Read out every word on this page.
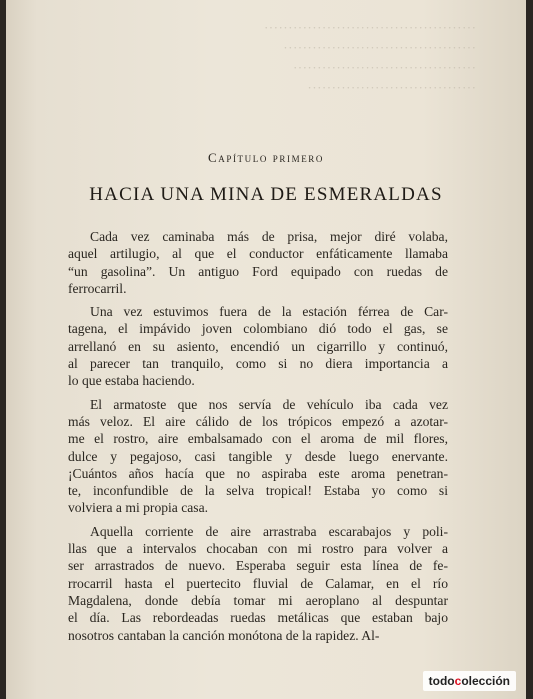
············································
········································
······································
···································
Capítulo primero
HACIA UNA MINA DE ESMERALDAS
Cada vez caminaba más de prisa, mejor diré volaba,
aquel artilugio, al que el conductor enfáticamente llamaba
“un gasolina”. Un antiguo Ford equipado con ruedas de
ferrocarril.
Una vez estuvimos fuera de la estación férrea de Car-
tagena, el impávido joven colombiano dió todo el gas, se
arrellanó en su asiento, encendió un cigarrillo y continuó,
al parecer tan tranquilo, como si no diera importancia a
lo que estaba haciendo.
El armatoste que nos servía de vehículo iba cada vez
más veloz. El aire cálido de los trópicos empezó a azotar-
me el rostro, aire embalsamado con el aroma de mil flores,
dulce y pegajoso, casi tangible y desde luego enervante.
¡Cuántos años hacía que no aspiraba este aroma penetran-
te, inconfundible de la selva tropical! Estaba yo como si
volviera a mi propia casa.
Aquella corriente de aire arrastraba escarabajos y poli-
llas que a intervalos chocaban con mi rostro para volver a
ser arrastrados de nuevo. Esperaba seguir esta línea de fe-
rrocarril hasta el puertecito fluvial de Calamar, en el río
Magdalena, donde debía tomar mi aeroplano al despuntar
el día. Las rebordeadas ruedas metálicas que estaban bajo
nosotros cantaban la canción monótona de la rapidez. Al-
todocolección
